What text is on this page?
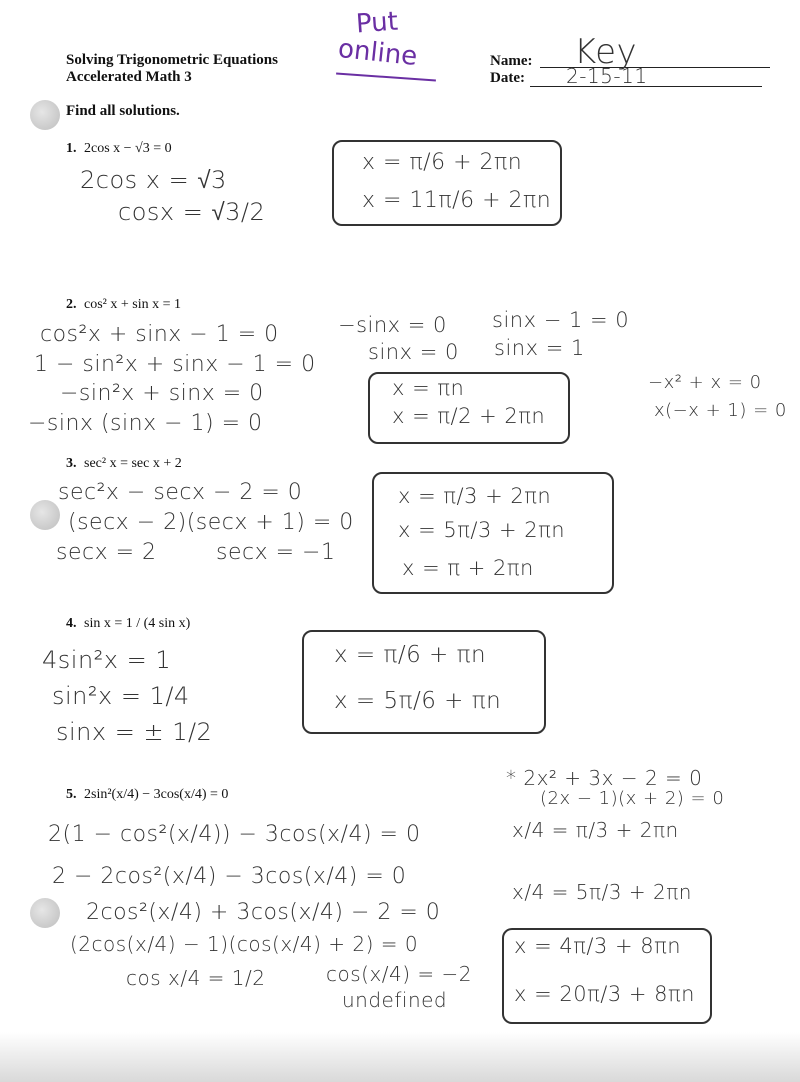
Solving Trigonometric Equations
Accelerated Math 3
Put
online	Name:
Date:
Key
2-15-11
Find all solutions.
1. 2cos x − √3 = 0
2cos x = √3
cosx = √3/2
x = π/6 + 2πn
x = 11π/6 + 2πn
2. cos² x + sin x = 1
cos²x + sinx − 1 = 0
1 − sin²x + sinx − 1 = 0
−sin²x + sinx = 0
−sinx (sinx − 1) = 0
−sinx = 0
sinx = 0
sinx − 1 = 0
sinx = 1
x = πn
x = π/2 + 2πn
−x² + x = 0
x(−x + 1) = 0
3. sec² x = sec x + 2
sec²x − secx − 2 = 0
(secx − 2)(secx + 1) = 0
secx = 2	secx = −1
x = π/3 + 2πn
x = 5π/3 + 2πn
x = π + 2πn
4. sin x = 1 / (4 sin x)
4sin²x = 1
sin²x = 1/4
sinx = ± 1/2
x = π/6 + πn
x = 5π/6 + πn
5. 2sin²(x/4) − 3cos(x/4) = 0
2(1 − cos²(x/4)) − 3cos(x/4) = 0
2 − 2cos²(x/4) − 3cos(x/4) = 0
2cos²(x/4) + 3cos(x/4) − 2 = 0
(2cos(x/4) − 1)(cos(x/4) + 2) = 0
cos x/4 = 1/2	cos(x/4) = −2
undefined
* 2x² + 3x − 2 = 0
(2x − 1)(x + 2) = 0
x/4 = π/3 + 2πn
x/4 = 5π/3 + 2πn
x = 4π/3 + 8πn
x = 20π/3 + 8πn
